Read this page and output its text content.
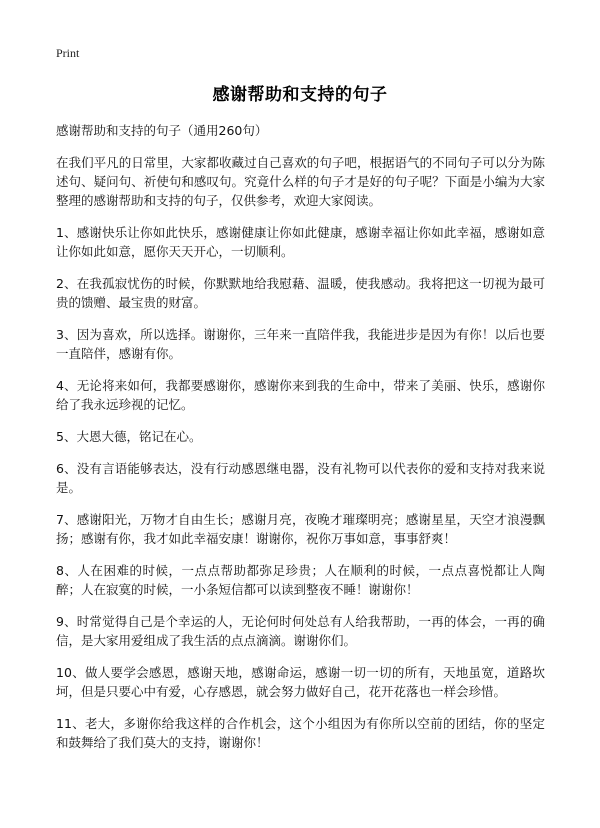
Print
感谢帮助和支持的句子

感谢帮助和支持的句子（通用260句）

在我们平凡的日常里，大家都收藏过自己喜欢的句子吧，根据语气的不同句子可以分为陈述句、疑问句、祈使句和感叹句。究竟什么样的句子才是好的句子呢？下面是小编为大家整理的感谢帮助和支持的句子，仅供参考，欢迎大家阅读。

1、感谢快乐让你如此快乐，感谢健康让你如此健康，感谢幸福让你如此幸福，感谢如意让你如此如意，愿你天天开心，一切顺利。

2、在我孤寂忧伤的时候，你默默地给我慰藉、温暖，使我感动。我将把这一切视为最可贵的馈赠、最宝贵的财富。

3、因为喜欢，所以选择。谢谢你，三年来一直陪伴我，我能进步是因为有你！以后也要一直陪伴，感谢有你。

4、无论将来如何，我都要感谢你，感谢你来到我的生命中，带来了美丽、快乐，感谢你给了我永远珍视的记忆。

5、大恩大德，铭记在心。

6、没有言语能够表达，没有行动感恩继电器，没有礼物可以代表你的爱和支持对我来说是。

7、感谢阳光，万物才自由生长；感谢月亮，夜晚才璀璨明亮；感谢星星，天空才浪漫飘扬；感谢有你，我才如此幸福安康！谢谢你，祝你万事如意，事事舒爽！

8、人在困难的时候，一点点帮助都弥足珍贵；人在顺利的时候，一点点喜悦都让人陶醉；人在寂寞的时候，一小条短信都可以读到整夜不睡！谢谢你！

9、时常觉得自己是个幸运的人，无论何时何处总有人给我帮助，一再的体会，一再的确信，是大家用爱组成了我生活的点点滴滴。谢谢你们。

10、做人要学会感恩，感谢天地，感谢命运，感谢一切一切的所有，天地虽宽，道路坎坷，但是只要心中有爱，心存感恩，就会努力做好自己，花开花落也一样会珍惜。

11、老大，多谢你给我这样的合作机会，这个小组因为有你所以空前的团结，你的坚定和鼓舞给了我们莫大的支持，谢谢你！
